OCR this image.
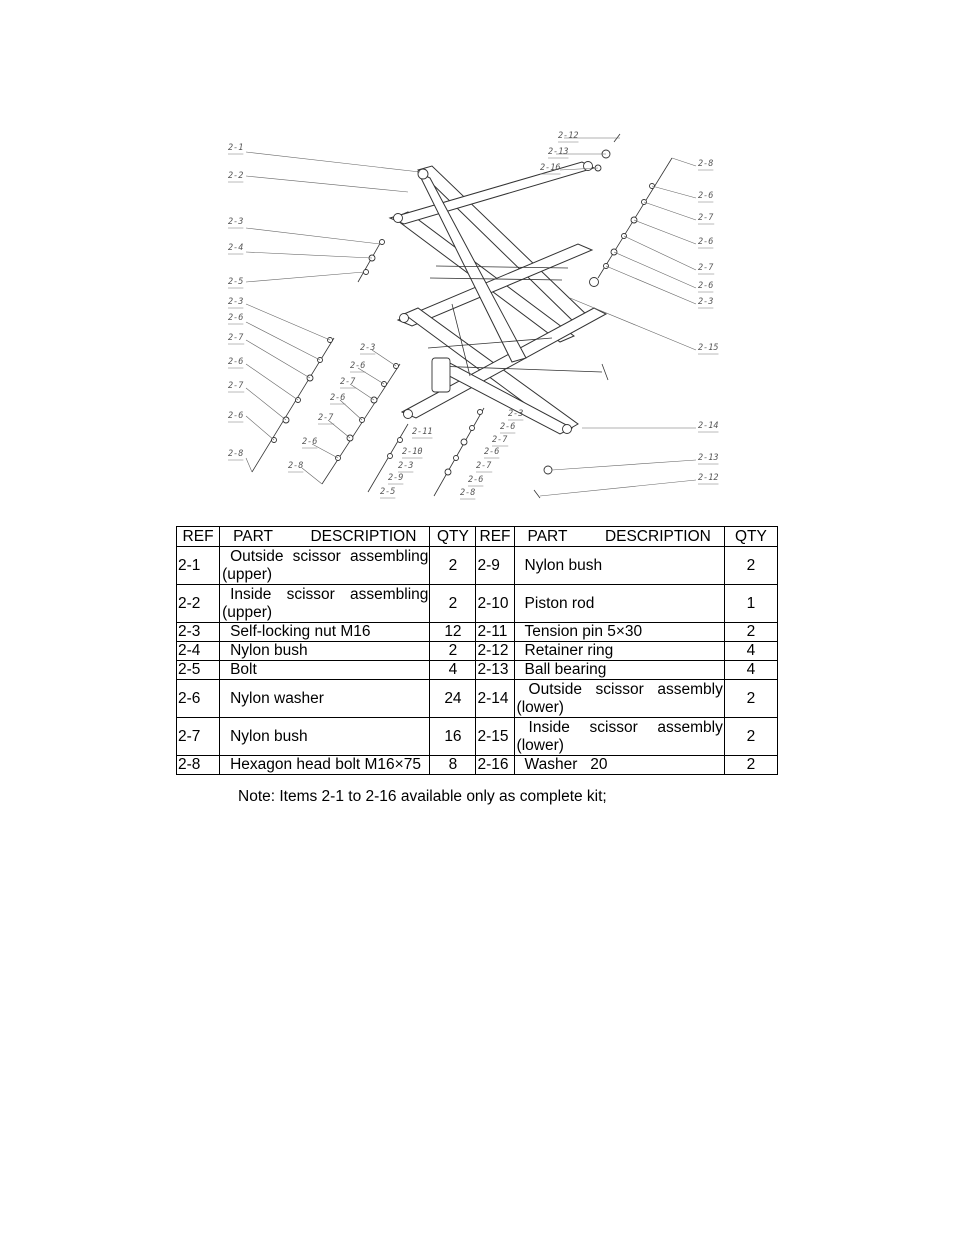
2-1
2-2
2-3
2-4
2-5
2-3
2-6
2-7
2-6
2-7
2-6
2-8
2-3
2-6
2-7
2-6
2-7
2-6
2-8
2-11
2-10
2-3
2-9
2-5
2-3
2-6
2-7
2-6
2-7
2-6
2-8
2-12
2-13
2-16	2-8
2-6
2-7
2-6
2-7
2-6
2-3
2-15
2-14
2-13
2-12
REF	PART DESCRIPTION	QTY	REF	PART DESCRIPTION	QTY
2-1	Outside scissor assembling (upper)	2	2-9	Nylon bush	2
2-2	Inside scissor assembling (upper)	2	2-10	Piston rod	1
2-3	Self-locking nut M16	12	2-11	Tension pin 5×30	2
2-4	Nylon bush	2	2-12	Retainer ring	4
2-5	Bolt	4	2-13	Ball bearing	4
2-6	Nylon washer	24	2-14	Outside scissor assembly (lower)	2
2-7	Nylon bush	16	2-15	Inside scissor assembly (lower)	2
2-8	Hexagon head bolt M16×75	8	2-16	Washer   20	2
Note: Items 2-1 to 2-16 available only as complete kit;
